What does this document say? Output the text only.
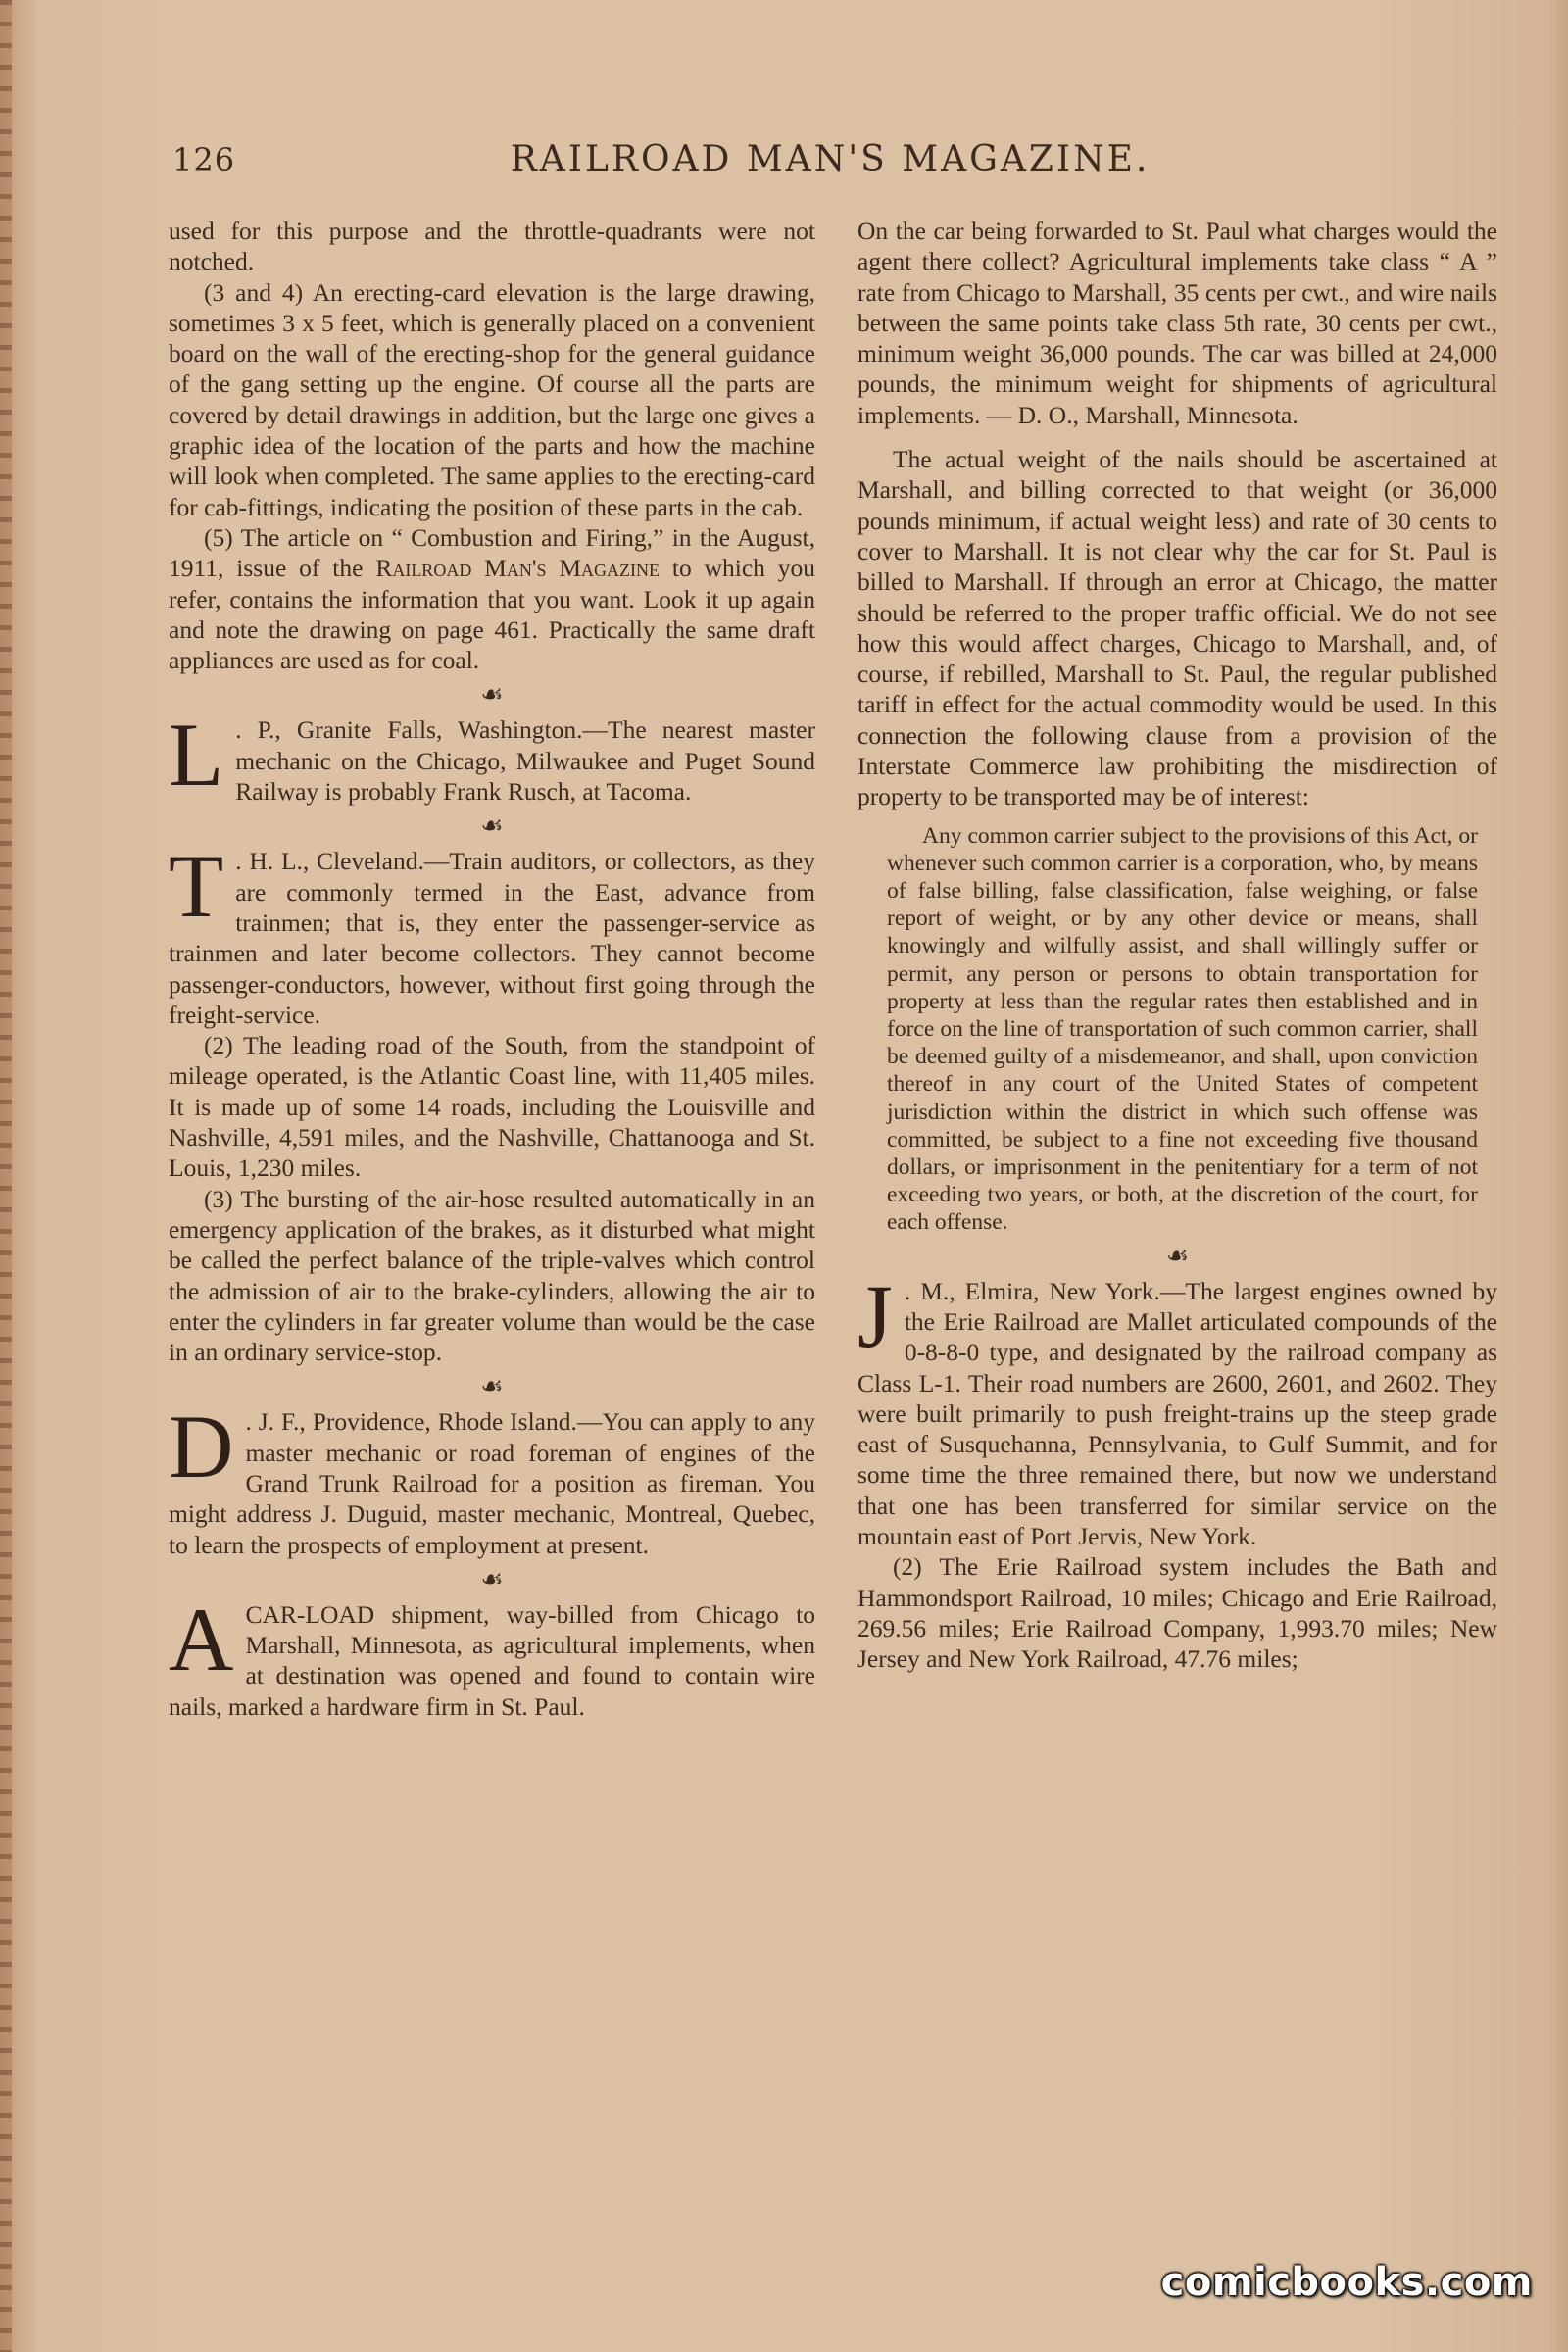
126	RAILROAD MAN'S MAGAZINE.

used for this purpose and the throttle-quadrants were not notched.

(3 and 4) An erecting-card elevation is the large drawing, sometimes 3 x 5 feet, which is generally placed on a convenient board on the wall of the erecting-shop for the general guidance of the gang setting up the engine. Of course all the parts are covered by detail drawings in addition, but the large one gives a graphic idea of the location of the parts and how the machine will look when completed. The same applies to the erecting-card for cab-fittings, indicating the position of these parts in the cab.

(5) The article on “ Combustion and Firing,” in the August, 1911, issue of the Railroad Man's Magazine to which you refer, contains the information that you want. Look it up again and note the drawing on page 461. Practically the same draft appliances are used as for coal.

☙

L . P., Granite Falls, Washington.—The nearest master mechanic on the Chicago, Milwaukee and Puget Sound Railway is probably Frank Rusch, at Tacoma.

☙

T . H. L., Cleveland.—Train auditors, or collectors, as they are commonly termed in the East, advance from trainmen; that is, they enter the passenger-service as trainmen and later become collectors. They cannot become passenger-conductors, however, without first going through the freight-service.

(2) The leading road of the South, from the standpoint of mileage operated, is the Atlantic Coast line, with 11,405 miles. It is made up of some 14 roads, including the Louisville and Nashville, 4,591 miles, and the Nashville, Chattanooga and St. Louis, 1,230 miles.

(3) The bursting of the air-hose resulted automatically in an emergency application of the brakes, as it disturbed what might be called the perfect balance of the triple-valves which control the admission of air to the brake-cylinders, allowing the air to enter the cylinders in far greater volume than would be the case in an ordinary service-stop.

☙

D . J. F., Providence, Rhode Island.—You can apply to any master mechanic or road foreman of engines of the Grand Trunk Railroad for a position as fireman. You might address J. Duguid, master mechanic, Montreal, Quebec, to learn the prospects of employment at present.

☙

ACAR-LOAD shipment, way-billed from Chicago to Marshall, Minnesota, as agricultural implements, when at destination was opened and found to contain wire nails, marked a hardware firm in St. Paul.

On the car being forwarded to St. Paul what charges would the agent there collect? Agricultural implements take class “ A ” rate from Chicago to Marshall, 35 cents per cwt., and wire nails between the same points take class 5th rate, 30 cents per cwt., minimum weight 36,000 pounds. The car was billed at 24,000 pounds, the minimum weight for shipments of agricultural implements. — D. O., Marshall, Minnesota.

The actual weight of the nails should be ascertained at Marshall, and billing corrected to that weight (or 36,000 pounds minimum, if actual weight less) and rate of 30 cents to cover to Marshall. It is not clear why the car for St. Paul is billed to Marshall. If through an error at Chicago, the matter should be referred to the proper traffic official. We do not see how this would affect charges, Chicago to Marshall, and, of course, if rebilled, Marshall to St. Paul, the regular published tariff in effect for the actual commodity would be used. In this connection the following clause from a provision of the Interstate Commerce law prohibiting the misdirection of property to be transported may be of interest:

Any common carrier subject to the provisions of this Act, or whenever such common carrier is a corporation, who, by means of false billing, false classification, false weighing, or false report of weight, or by any other device or means, shall knowingly and wilfully assist, and shall willingly suffer or permit, any person or persons to obtain transportation for property at less than the regular rates then established and in force on the line of transportation of such common carrier, shall be deemed guilty of a misdemeanor, and shall, upon conviction thereof in any court of the United States of competent jurisdiction within the district in which such offense was committed, be subject to a fine not exceeding five thousand dollars, or imprisonment in the penitentiary for a term of not exceeding two years, or both, at the discretion of the court, for each offense.

☙

J . M., Elmira, New York.—The largest engines owned by the Erie Railroad are Mallet articulated compounds of the 0-8-8-0 type, and designated by the railroad company as Class L-1. Their road numbers are 2600, 2601, and 2602. They were built primarily to push freight-trains up the steep grade east of Susquehanna, Pennsylvania, to Gulf Summit, and for some time the three remained there, but now we understand that one has been transferred for similar service on the mountain east of Port Jervis, New York.

(2) The Erie Railroad system includes the Bath and Hammondsport Railroad, 10 miles; Chicago and Erie Railroad, 269.56 miles; Erie Railroad Company, 1,993.70 miles; New Jersey and New York Railroad, 47.76 miles;

comicbooks.com
